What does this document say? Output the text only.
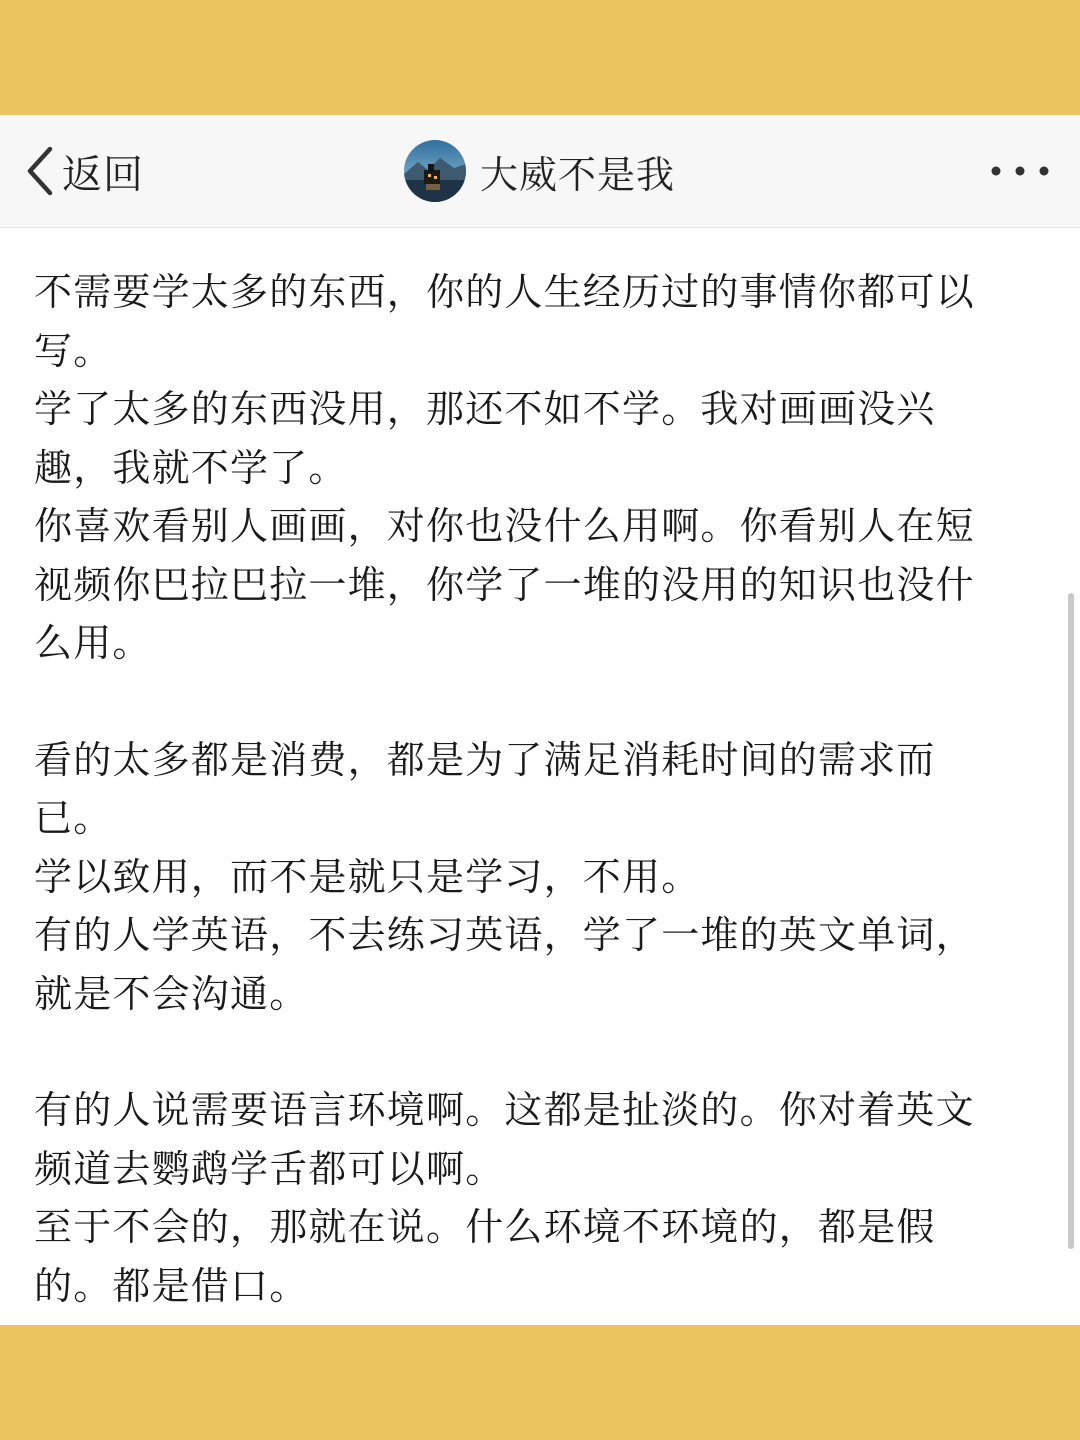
返回	大威不是我
不需要学太多的东西，你的人生经历过的事情你都可以
写。
学了太多的东西没用，那还不如不学。我对画画没兴
趣，我就不学了。
你喜欢看别人画画，对你也没什么用啊。你看别人在短
视频你巴拉巴拉一堆，你学了一堆的没用的知识也没什
么用。
看的太多都是消费，都是为了满足消耗时间的需求而
已。
学以致用，而不是就只是学习，不用。
有的人学英语，不去练习英语，学了一堆的英文单词，
就是不会沟通。
有的人说需要语言环境啊。这都是扯淡的。你对着英文
频道去鹦鹉学舌都可以啊。
至于不会的，那就在说。什么环境不环境的，都是假
的。都是借口。
